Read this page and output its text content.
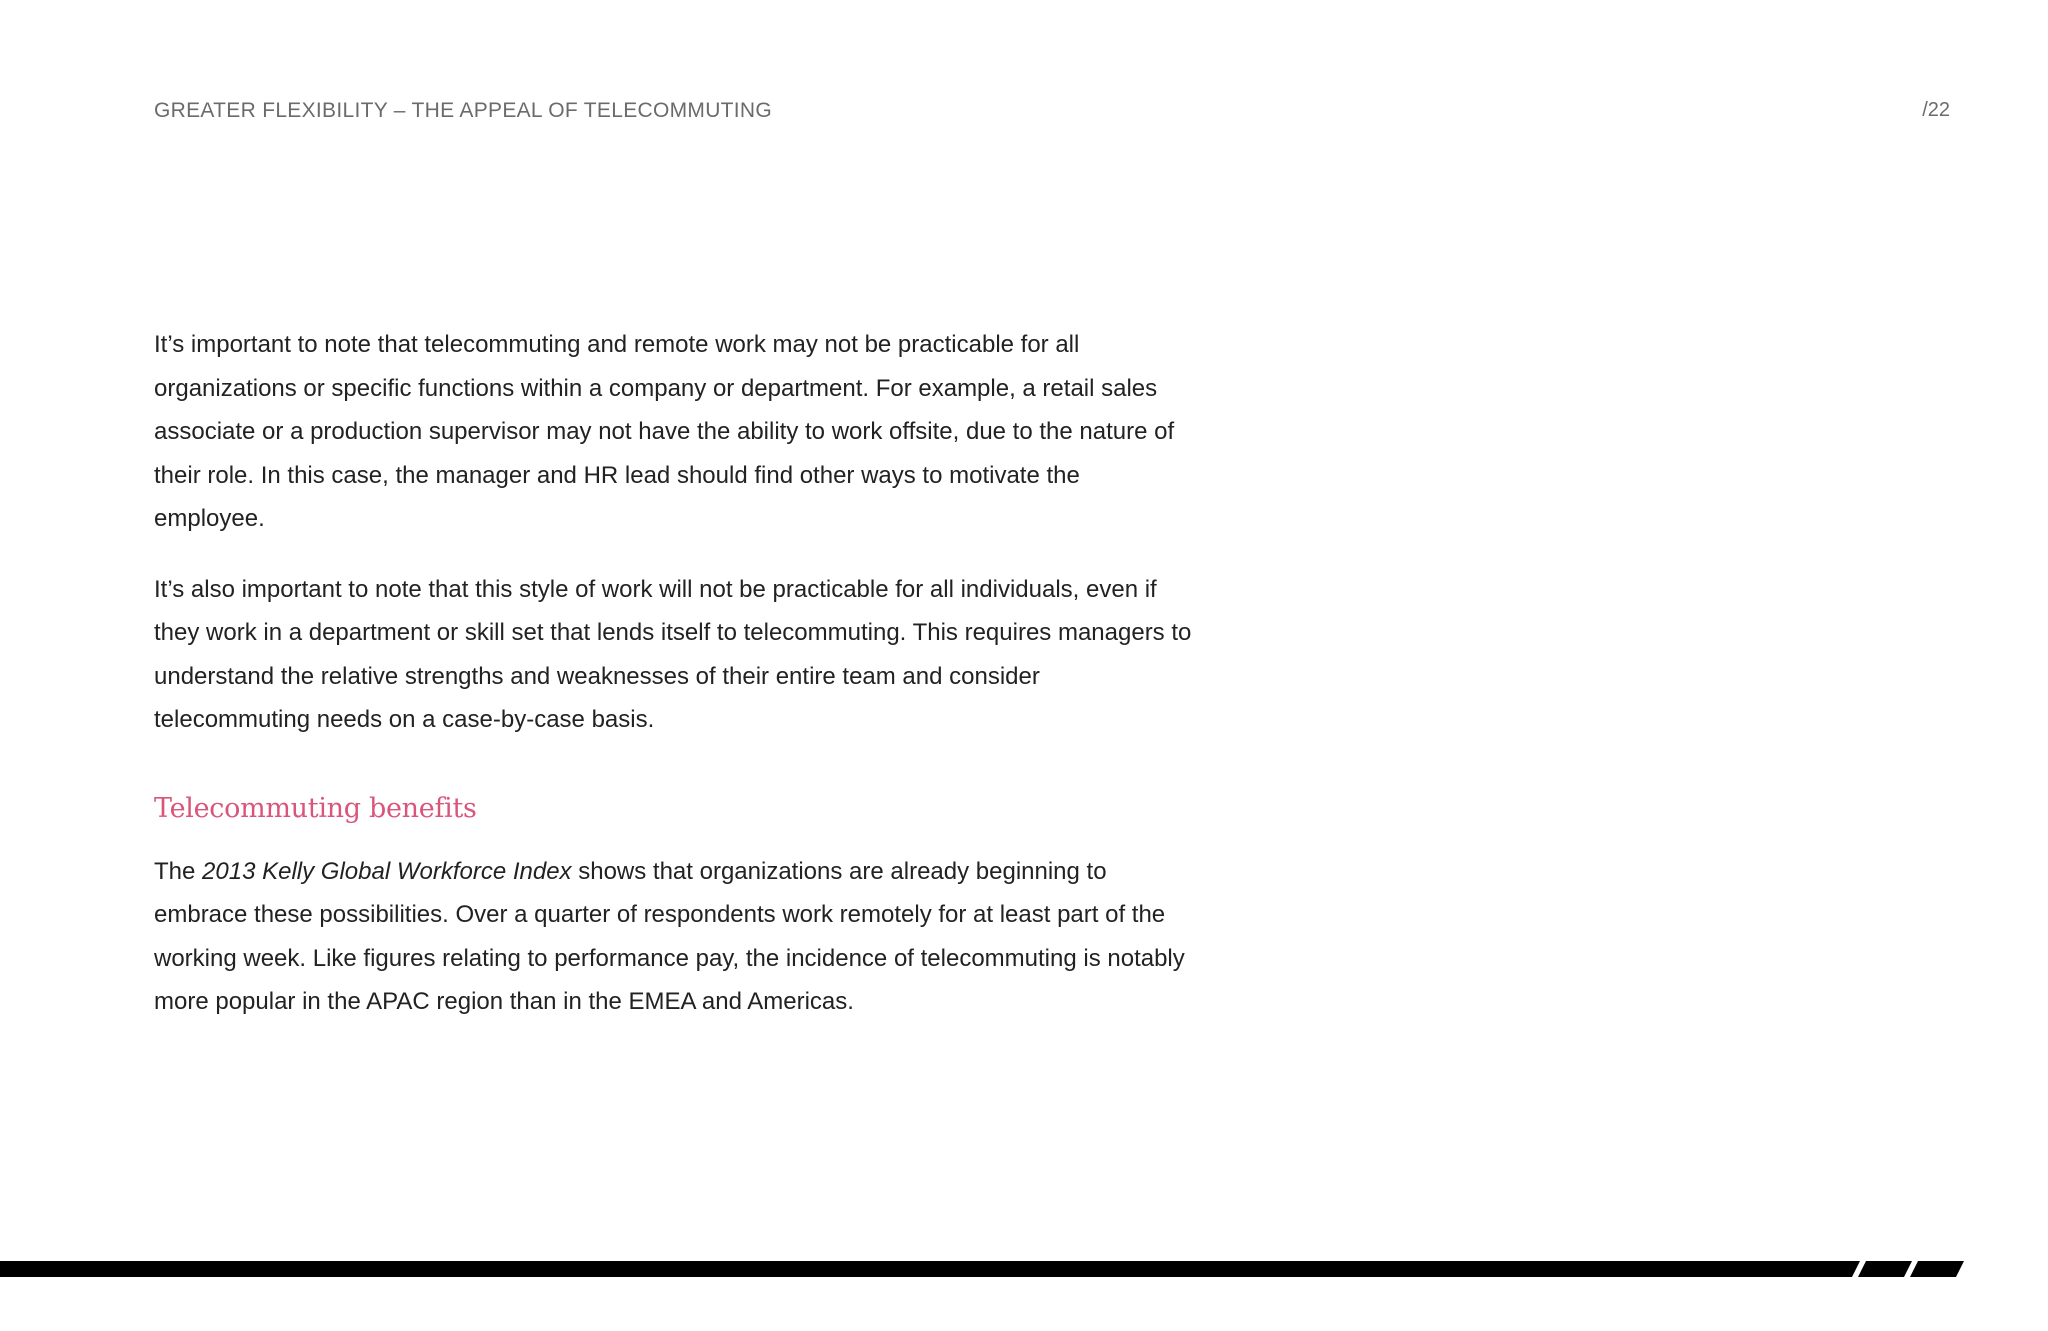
GREATER FLEXIBILITY – THE APPEAL OF TELECOMMUTING	/22

It’s important to note that telecommuting and remote work may not be practicable for all organizations or specific functions within a company or department. For example, a retail sales associate or a production supervisor may not have the ability to work offsite, due to the nature of their role. In this case, the manager and HR lead should find other ways to motivate the employee.

It’s also important to note that this style of work will not be practicable for all individuals, even if they work in a department or skill set that lends itself to telecommuting. This requires managers to understand the relative strengths and weaknesses of their entire team and consider telecommuting needs on a case-by-case basis.

Telecommuting benefits

The 2013 Kelly Global Workforce Index shows that organizations are already beginning to embrace these possibilities. Over a quarter of respondents work remotely for at least part of the working week. Like figures relating to performance pay, the incidence of telecommuting is notably more popular in the APAC region than in the EMEA and Americas.
